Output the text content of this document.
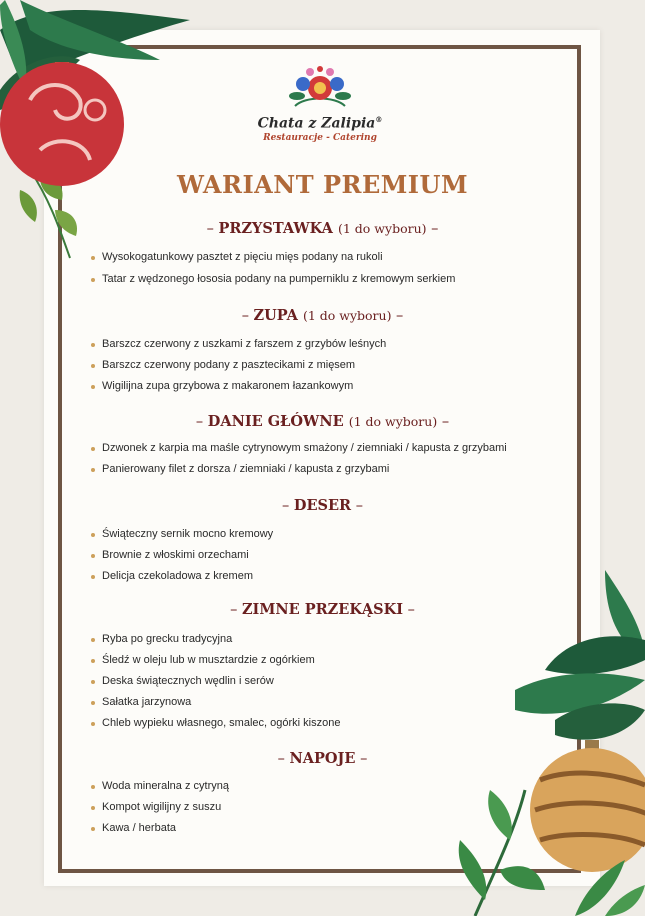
Chata z Zalipia®
Restauracje - Catering
WARIANT PREMIUM
– PRZYSTAWKA (1 do wyboru) –
Wysokogatunkowy pasztet z pięciu mięs podany na rukoli
Tatar z wędzonego łososia podany na pumperniklu z kremowym serkiem
– ZUPA (1 do wyboru) –
Barszcz czerwony z uszkami z farszem z grzybów leśnych
Barszcz czerwony podany z pasztecikami z mięsem
Wigilijna zupa grzybowa z makaronem łazankowym
– DANIE GŁÓWNE (1 do wyboru) –
Dzwonek z karpia ma maśle cytrynowym smażony / ziemniaki / kapusta z grzybami
Panierowany filet z dorsza / ziemniaki / kapusta z grzybami
– DESER –
Świąteczny sernik mocno kremowy
Brownie z włoskimi orzechami
Delicja czekoladowa z kremem
– ZIMNE PRZEKĄSKI –
Ryba po grecku tradycyjna
Śledź w oleju lub w musztardzie z ogórkiem
Deska świątecznych wędlin i serów
Sałatka jarzynowa
Chleb wypieku własnego, smalec, ogórki kiszone
– NAPOJE –
Woda mineralna z cytryną
Kompot wigilijny z suszu
Kawa / herbata
